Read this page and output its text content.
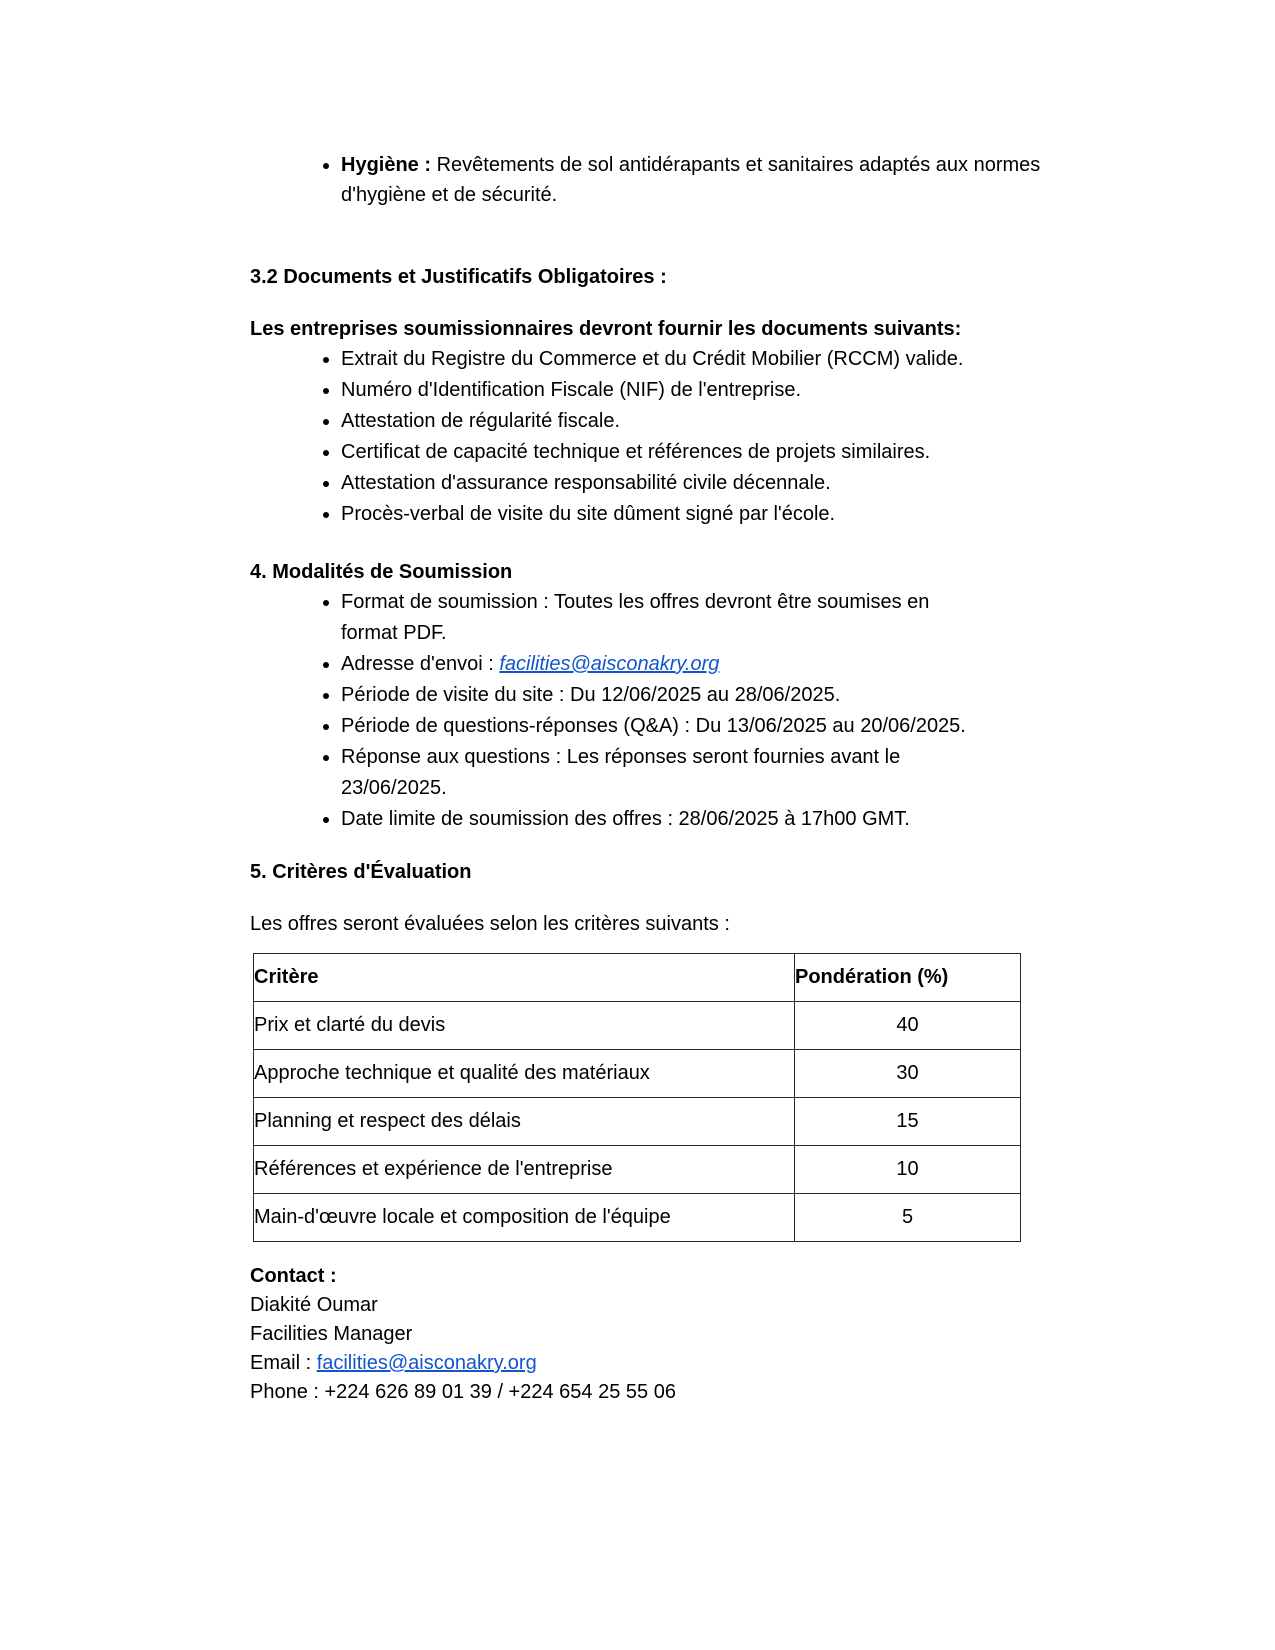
• Hygiène : Revêtements de sol antidérapants et sanitaires adaptés aux normes d'hygiène et de sécurité.
3.2 Documents et Justificatifs Obligatoires :

Les entreprises soumissionnaires devront fournir les documents suivants:

• Extrait du Registre du Commerce et du Crédit Mobilier (RCCM) valide.
• Numéro d'Identification Fiscale (NIF) de l'entreprise.
• Attestation de régularité fiscale.
• Certificat de capacité technique et références de projets similaires.
• Attestation d'assurance responsabilité civile décennale.
• Procès-verbal de visite du site dûment signé par l'école.
4. Modalités de Soumission
• Format de soumission : Toutes les offres devront être soumises en format PDF.
• Adresse d'envoi : facilities@aisconakry.org
• Période de visite du site : Du 12/06/2025 au 28/06/2025.
• Période de questions-réponses (Q&A) : Du 13/06/2025 au 20/06/2025.
• Réponse aux questions : Les réponses seront fournies avant le 23/06/2025.
• Date limite de soumission des offres : 28/06/2025 à 17h00 GMT.
5. Critères d'Évaluation

Les offres seront évaluées selon les critères suivants :

Critère	Pondération (%)
Prix et clarté du devis	40
Approche technique et qualité des matériaux	30
Planning et respect des délais	15
Références et expérience de l'entreprise	10
Main-d'œuvre locale et composition de l'équipe	5
Contact :
Diakité Oumar
Facilities Manager
Email : facilities@aisconakry.org
Phone : +224 626 89 01 39 / +224 654 25 55 06
